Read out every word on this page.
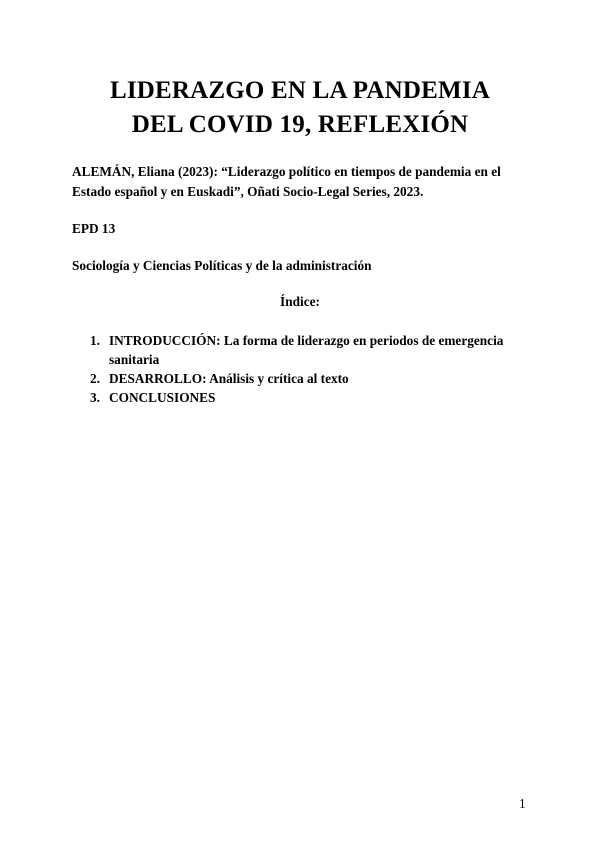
LIDERAZGO EN LA PANDEMIA
DEL COVID 19, REFLEXIÓN
ALEMÁN, Eliana (2023): “Liderazgo político en tiempos de pandemia en el
Estado español y en Euskadi”, Oñati Socio-Legal Series, 2023.
EPD 13
Sociología y Ciencias Políticas y de la administración
Índice:
1. INTRODUCCIÓN: La forma de liderazgo en periodos de emergencia
sanitaria
2. DESARROLLO: Análisis y crítica al texto
3. CONCLUSIONES
1
